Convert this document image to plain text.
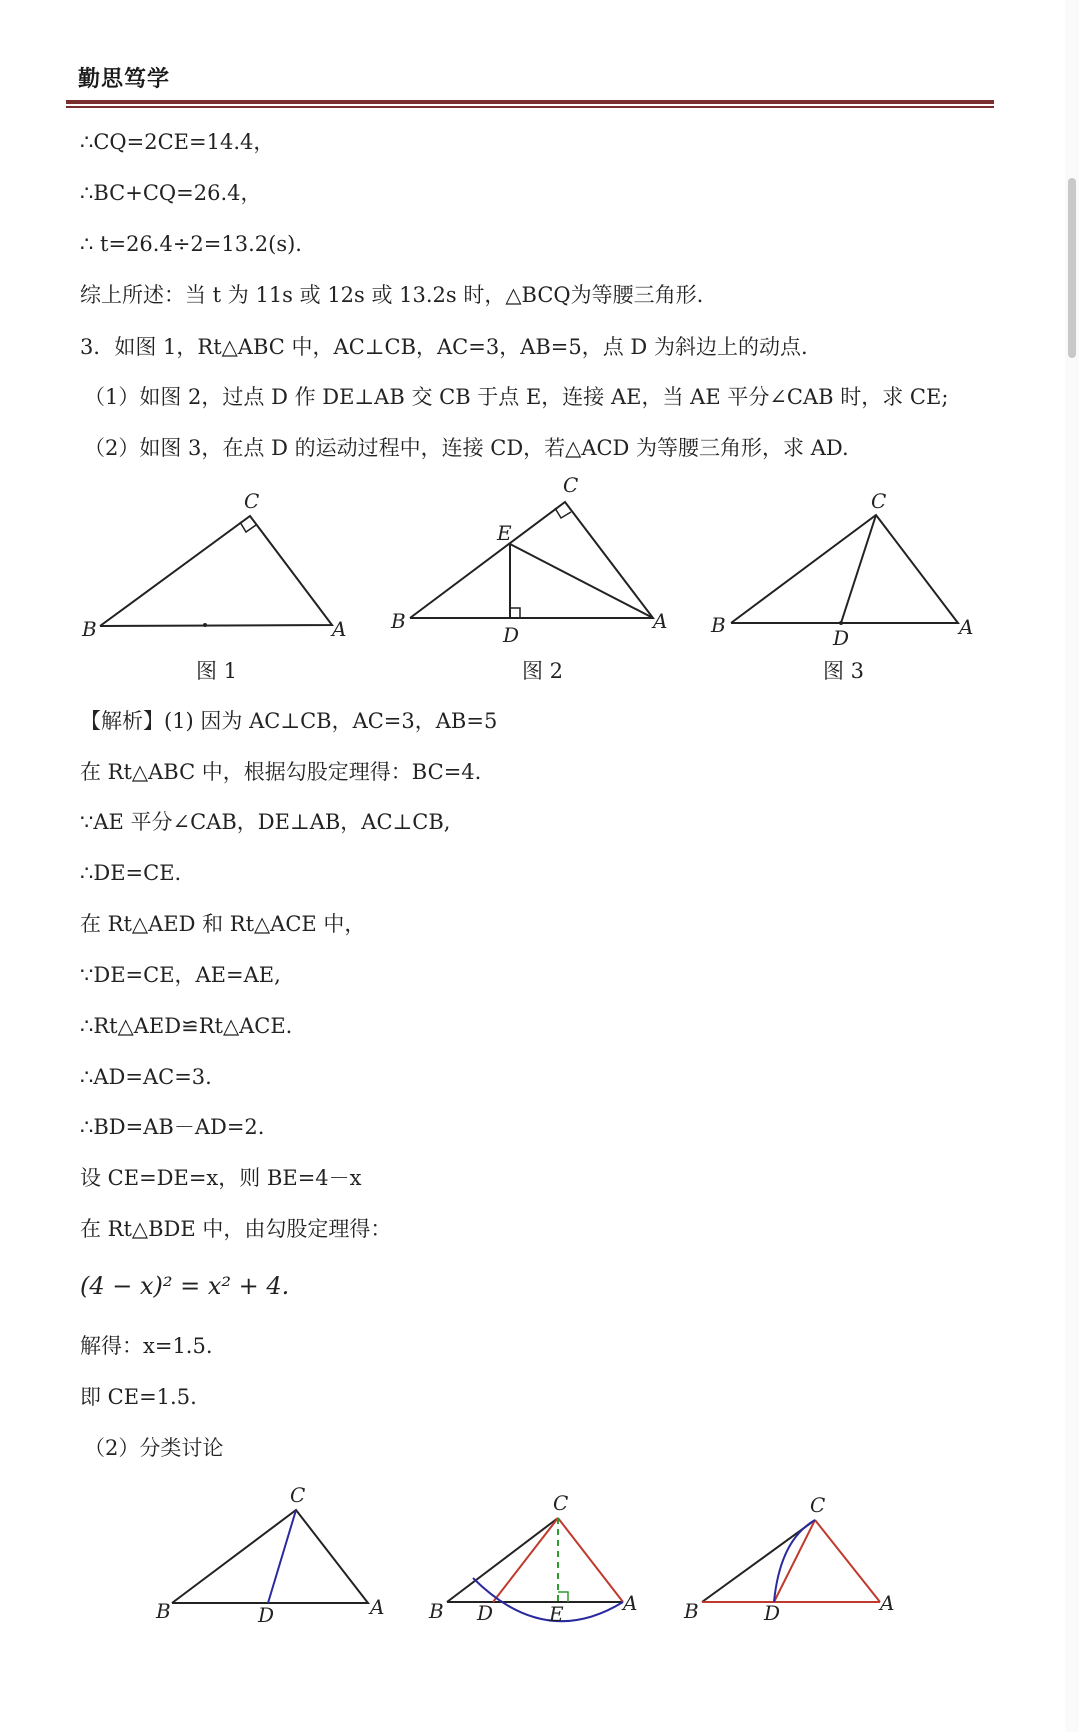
勤思笃学
∴CQ=2CE=14.4，
∴BC+CQ=26.4，
∴ t=26.4÷2=13.2(s).
综上所述：当 t 为 11s 或 12s 或 13.2s 时，△BCQ为等腰三角形.
3．如图 1，Rt△ABC 中，AC⊥CB，AC=3，AB=5，点 D 为斜边上的动点.
（1）如图 2，过点 D 作 DE⊥AB 交 CB 于点 E，连接 AE，当 AE 平分∠CAB 时，求 CE;
（2）如图 3，在点 D 的运动过程中，连接 CD，若△ACD 为等腰三角形，求 AD.
C
B	A
图 1
C
E
B
D
A
图 2
C
B
D	A
图 3
【解析】(1) 因为 AC⊥CB，AC=3，AB=5
在 Rt△ABC 中，根据勾股定理得：BC=4.
∵AE 平分∠CAB，DE⊥AB，AC⊥CB,
∴DE=CE.
在 Rt△AED 和 Rt△ACE 中，
∵DE=CE，AE=AE,
∴Rt△AED≌Rt△ACE.
∴AD=AC=3.
∴BD=AB－AD=2.
设 CE=DE=x，则 BE=4－x
在 Rt△BDE 中，由勾股定理得：
(4 − x)² = x² + 4.
解得：x=1.5.
即 CE=1.5.
（2）分类讨论
C
B	D	A
C
B D	E	A
C
B	D	A
